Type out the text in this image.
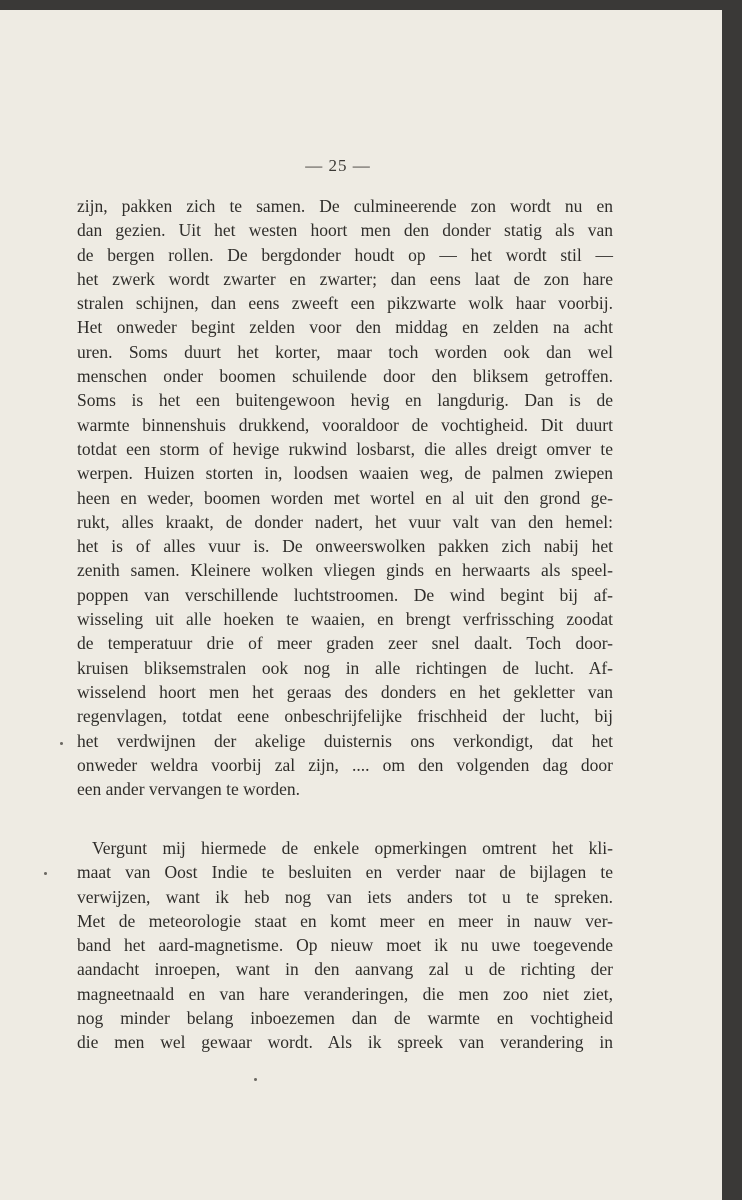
— 25 —
zijn, pakken zich te samen. De culmineerende zon wordt nu en
dan gezien. Uit het westen hoort men den donder statig als van
de bergen rollen. De bergdonder houdt op — het wordt stil —
het zwerk wordt zwarter en zwarter; dan eens laat de zon hare
stralen schijnen, dan eens zweeft een pikzwarte wolk haar voorbij.
Het onweder begint zelden voor den middag en zelden na acht
uren. Soms duurt het korter, maar toch worden ook dan wel
menschen onder boomen schuilende door den bliksem getroffen.
Soms is het een buitengewoon hevig en langdurig. Dan is de
warmte binnenshuis drukkend, vooraldoor de vochtigheid. Dit duurt
totdat een storm of hevige rukwind losbarst, die alles dreigt omver te
werpen. Huizen storten in, loodsen waaien weg, de palmen zwiepen
heen en weder, boomen worden met wortel en al uit den grond ge-
rukt, alles kraakt, de donder nadert, het vuur valt van den hemel:
het is of alles vuur is. De onweerswolken pakken zich nabij het
zenith samen. Kleinere wolken vliegen ginds en herwaarts als speel-
poppen van verschillende luchtstroomen. De wind begint bij af-
wisseling uit alle hoeken te waaien, en brengt verfrissching zoodat
de temperatuur drie of meer graden zeer snel daalt. Toch door-
kruisen bliksemstralen ook nog in alle richtingen de lucht. Af-
wisselend hoort men het geraas des donders en het gekletter van
regenvlagen, totdat eene onbeschrijfelijke frischheid der lucht, bij
het verdwijnen der akelige duisternis ons verkondigt, dat het
onweder weldra voorbij zal zijn, .... om den volgenden dag door
een ander vervangen te worden.
Vergunt mij hiermede de enkele opmerkingen omtrent het kli-
maat van Oost Indie te besluiten en verder naar de bijlagen te
verwijzen, want ik heb nog van iets anders tot u te spreken.
Met de meteorologie staat en komt meer en meer in nauw ver-
band het aard-magnetisme. Op nieuw moet ik nu uwe toegevende
aandacht inroepen, want in den aanvang zal u de richting der
magneetnaald en van hare veranderingen, die men zoo niet ziet,
nog minder belang inboezemen dan de warmte en vochtigheid
die men wel gewaar wordt. Als ik spreek van verandering in
